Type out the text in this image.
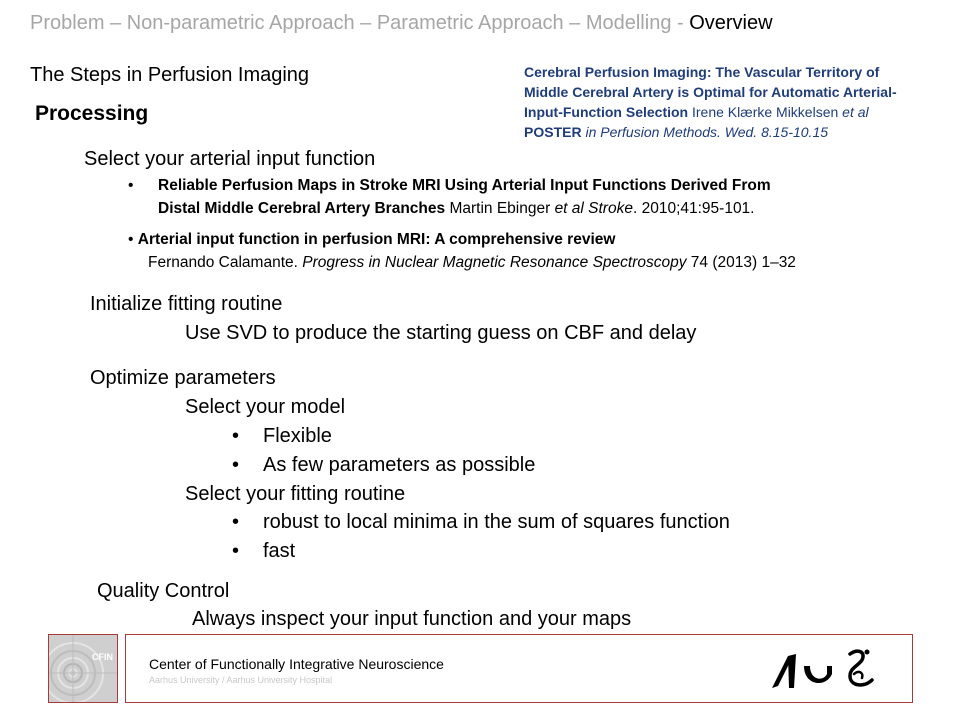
Problem – Non-parametric Approach – Parametric Approach – Modelling - Overview
The Steps in Perfusion Imaging
Processing
Cerebral Perfusion Imaging: The Vascular Territory of
Middle Cerebral Artery is Optimal for Automatic Arterial-
Input-Function Selection Irene Klærke Mikkelsen et al
POSTER in Perfusion Methods. Wed. 8.15-10.15
Select your arterial input function
• Reliable Perfusion Maps in Stroke MRI Using Arterial Input Functions Derived From
Distal Middle Cerebral Artery Branches Martin Ebinger et al Stroke. 2010;41:95-101.
• Arterial input function in perfusion MRI: A comprehensive review
Fernando Calamante. Progress in Nuclear Magnetic Resonance Spectroscopy 74 (2013) 1–32
Initialize fitting routine
Use SVD to produce the starting guess on CBF and delay
Optimize parameters
Select your model
• Flexible
• As few parameters as possible
Select your fitting routine
• robust to local minima in the sum of squares function
• fast
Quality Control
Always inspect your input function and your maps
CFIN	Center of Functionally Integrative Neuroscience
Aarhus University / Aarhus University Hospital
